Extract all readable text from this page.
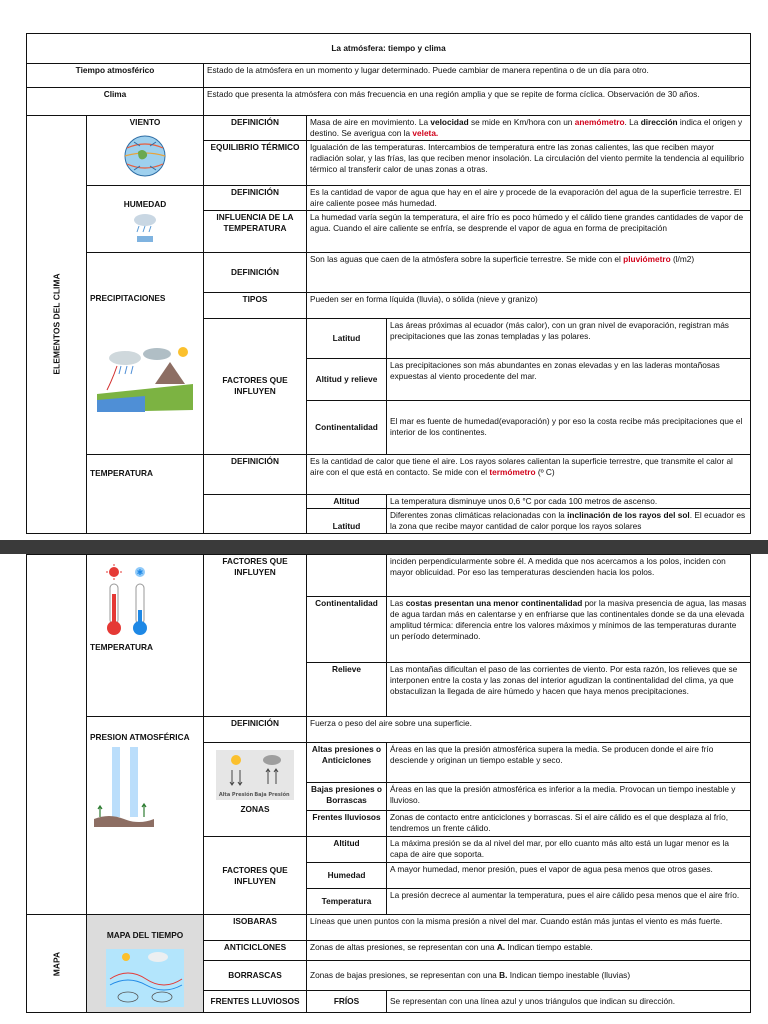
La atmósfera: tiempo y clima				
Tiempo atmosférico		Estado de la atmósfera en un momento y lugar determinado. Puede cambiar de manera repentina o de un día para otro.		
Clima		Estado que presenta la atmósfera con más frecuencia en una región amplia y que se repite de forma cíclica. Observación de 30 años.		

ELEMENTOS DEL CLIMA	VIENTO	DEFINICIÓN	Masa de aire en movimiento. La velocidad se mide en Km/hora con un anemómetro. La dirección indica el origen y destino. Se averigua con la veleta.	
		EQUILIBRIO TÉRMICO	Igualación de las temperaturas. Intercambios de temperatura entre las zonas calientes, las que reciben mayor radiación solar, y las frías, las que reciben menor insolación. La circulación del viento permite la tendencia al equilibrio térmico al transferir calor de unas zonas a otras.	

	HUMEDAD	DEFINICIÓN	Es la cantidad de vapor de agua que hay en el aire y procede de la evaporación del agua de la superficie terrestre. El aire caliente posee más humedad.	
		INFLUENCIA DE LA TEMPERATURA	La humedad varía según la temperatura, el aire frío es poco húmedo y el cálido tiene grandes cantidades de vapor de agua. Cuando el aire caliente se enfría, se desprende el vapor de agua en forma de precipitación	

	PRECIPITACIONES	DEFINICIÓN	Son las aguas que caen de la atmósfera sobre la superficie terrestre. Se mide con el pluviómetro (l/m2)	
		TIPOS	Pueden ser en forma líquida (lluvia), o sólida (nieve y granizo)	
		FACTORES QUE INFLUYEN	Latitud	Las áreas próximas al ecuador (más calor), con un gran nivel de evaporación, registran más precipitaciones que las zonas templadas y las polares.
			Altitud y relieve	Las precipitaciones son más abundantes en zonas elevadas y en las laderas montañosas expuestas al viento procedente del mar.
			Continentalidad	El mar es fuente de humedad(evaporación) y por eso la costa recibe más precipitaciones que el interior de los continentes.

	TEMPERATURA	DEFINICIÓN	Es la cantidad de calor que tiene el aire. Los rayos solares calientan la superficie terrestre, que transmite el calor al aire con el que está en contacto. Se mide con el termómetro (º C)	
			Altitud	La temperatura disminuye unos 0,6 °C por cada 100 metros de ascenso.
			Latitud	Diferentes zonas climáticas relacionadas con la inclinación de los rayos del sol. El ecuador es la zona que recibe mayor cantidad de calor porque los rayos solares

✱
TEMPERATURA	FACTORES QUE INFLUYEN		inciden perpendicularmente sobre él. A medida que nos acercamos a los polos, inciden con mayor oblicuidad. Por eso las temperaturas descienden hacia los polos.
			Continentalidad	Las costas presentan una menor continentalidad por la masiva presencia de agua, las masas de agua tardan más en calentarse y en enfriarse que las continentales donde se da una elevada amplitud térmica: diferencia entre los valores máximos y mínimos de las temperaturas durante un período determinado.
			Relieve	Las montañas dificultan el paso de las corrientes de viento. Por esta razón, los relieves que se interponen entre la costa y las zonas del interior agudizan la continentalidad del clima, ya que obstaculizan la llegada de aire húmedo y hacen que haya menos precipitaciones.

	PRESION ATMOSFÉRICA	DEFINICIÓN	Fuerza o peso del aire sobre una superficie.	

Alta Presión Baja Presión
ZONAS	Altas presiones o Anticiclones	Áreas en las que la presión atmosférica supera la media. Se producen donde el aire frío desciende y originan un tiempo estable y seco.
			Bajas presiones o Borrascas	Áreas en las que la presión atmosférica es inferior a la media. Provocan un tiempo inestable y lluvioso.
			Frentes lluviosos	Zonas de contacto entre anticiclones y borrascas. Si el aire cálido es el que desplaza al frío, tendremos un frente cálido.
		FACTORES QUE INFLUYEN	Altitud	La máxima presión se da al nivel del mar, por ello cuanto más alto está un lugar menor es la capa de aire que soporta.
			Humedad	A mayor humedad, menor presión, pues el vapor de agua pesa menos que otros gases.
			Temperatura	La presión decrece al aumentar la temperatura, pues el aire cálido pesa menos que el aire frío.

MAPA	MAPA DEL TIEMPO	ISOBARAS	Líneas que unen puntos con la misma presión a nivel del mar. Cuando están más juntas el viento es más fuerte.	
		ANTICICLONES	Zonas de altas presiones, se representan con una A. Indican tiempo estable.	
		BORRASCAS	Zonas de bajas presiones, se representan con una B. Indican tiempo inestable (lluvias)	
		FRENTES LLUVIOSOS	FRÍOS	Se representan con una línea azul y unos triángulos que indican su dirección.
